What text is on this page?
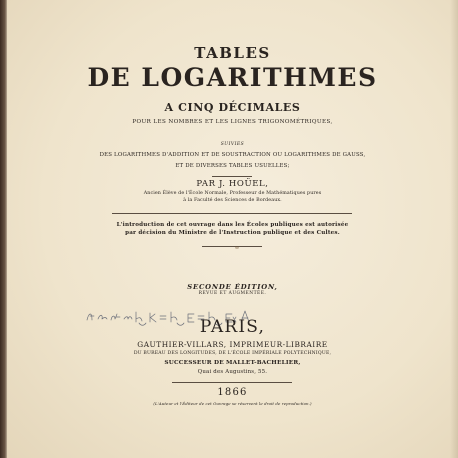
TABLES
DE LOGARITHMES
A CINQ DÉCIMALES
POUR LES NOMBRES ET LES LIGNES TRIGONOMÉTRIQUES,
SUIVIES
DES LOGARITHMES D'ADDITION ET DE SOUSTRACTION OU LOGARITHMES DE GAUSS,
ET DE DIVERSES TABLES USUELLES;
PAR J. HOÜEL,
Ancien Élève de l'École Normale, Professeur de Mathématiques pures
à la Faculté des Sciences de Bordeaux.
L'introduction de cet ouvrage dans les Écoles publiques est autorisée
par décision du Ministre de l'Instruction publique et des Cultes.
SECONDE ÉDITION,
REVUE ET AUGMENTÉE.
PARIS,
GAUTHIER-VILLARS, IMPRIMEUR-LIBRAIRE
DU BUREAU DES LONGITUDES, DE L'ÉCOLE IMPÉRIALE POLYTECHNIQUE,
SUCCESSEUR DE MALLET-BACHELIER,
Quai des Augustins, 55.
1866
(L'Auteur et l'Éditeur de cet Ouvrage se réservent le droit de reproduction.)
